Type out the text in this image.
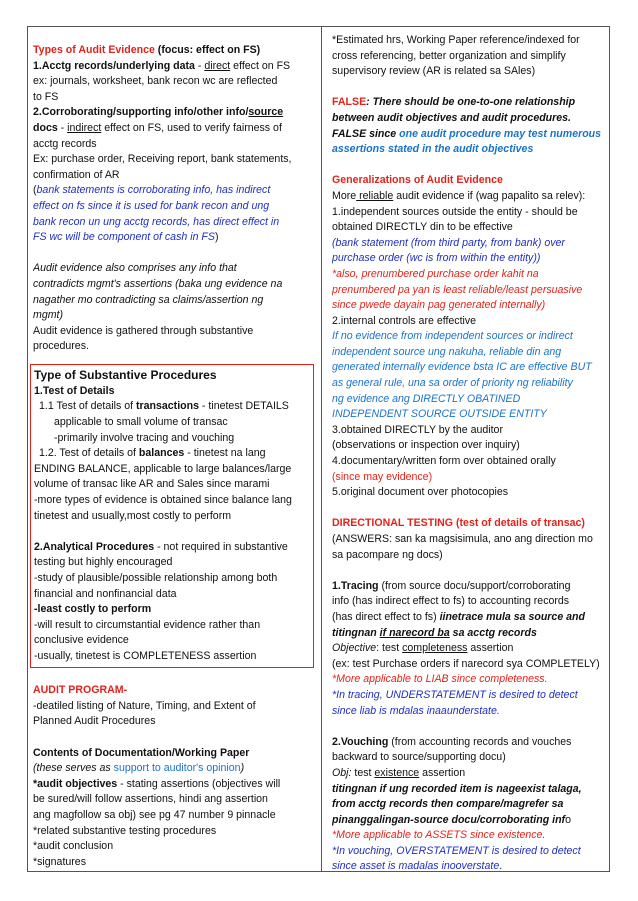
Types of Audit Evidence (focus: effect on FS)
1.Acctg records/underlying data - direct effect on FS
ex: journals, worksheet, bank recon wc are reflected
to FS
2.Corroborating/supporting info/other info/source
docs - indirect effect on FS, used to verify fairness of
acctg records
Ex: purchase order, Receiving report, bank statements,
confirmation of AR
(bank statements is corroborating info, has indirect
effect on fs since it is used for bank recon and ung
bank recon un ung acctg records, has direct effect in
FS wc will be component of cash in FS)
Audit evidence also comprises any info that
contradicts mgmt's assertions (baka ung evidence na
nagather mo contradicting sa claims/assertion ng
mgmt)
Audit evidence is gathered through substantive
procedures.
Type of Substantive Procedures
1.Test of Details
1.1 Test of details of transactions - tinetest DETAILS
applicable to small volume of transac
-primarily involve tracing and vouching
1.2. Test of details of balances - tinetest na lang
ENDING BALANCE, applicable to large balances/large
volume of transac like AR and Sales since marami
-more types of evidence is obtained since balance lang
tinetest and usually,most costly to perform
2.Analytical Procedures - not required in substantive
testing but highly encouraged
-study of plausible/possible relationship among both
financial and nonfinancial data
-least costly to perform
-will result to circumstantial evidence rather than
conclusive evidence
-usually, tinetest is COMPLETENESS assertion
AUDIT PROGRAM-
-deatiled listing of Nature, Timing, and Extent of
Planned Audit Procedures
Contents of Documentation/Working Paper
(these serves as support to auditor's opinion)
*audit objectives - stating assertions (objectives will
be sured/will follow assertions, hindi ang assertion
ang magfollow sa obj) see pg 47 number 9 pinnacle
*related substantive testing procedures
*audit conclusion
*signatures
*Estimated hrs, Working Paper reference/indexed for
cross referencing, better organization and simplify
supervisory review (AR is related sa SAles)
FALSE: There should be one-to-one relationship
between audit objectives and audit procedures.
FALSE since one audit procedure may test numerous
assertions stated in the audit objectives
Generalizations of Audit Evidence
More reliable audit evidence if (wag papalito sa relev):
1.independent sources outside the entity - should be
obtained DIRECTLY din to be effective
(bank statement (from third party, from bank) over
purchase order (wc is from within the entity))
*also, prenumbered purchase order kahit na
prenumbered pa yan is least reliable/least persuasive
since pwede dayain pag generated internally)
2.internal controls are effective
If no evidence from independent sources or indirect
independent source ung nakuha, reliable din ang
generated internally evidence bsta IC are effective BUT
as general rule, una sa order of priority ng reliability
ng evidence ang DIRECTLY OBATINED
INDEPENDENT SOURCE OUTSIDE ENTITY
3.obtained DIRECTLY by the auditor
(observations or inspection over inquiry)
4.documentary/written form over obtained orally
(since may evidence)
5.original document over photocopies
DIRECTIONAL TESTING (test of details of transac)
(ANSWERS: san ka magsisimula, ano ang direction mo
sa pacompare ng docs)
1.Tracing (from source docu/support/corroborating
info (has indirect effect to fs) to accounting records
(has direct effect to fs) iinetrace mula sa source and
titingnan if narecord ba sa acctg records
Objective: test completeness assertion
(ex: test Purchase orders if narecord sya COMPLETELY)
*More applicable to LIAB since completeness.
*In tracing, UNDERSTATEMENT is desired to detect
since liab is mdalas inaaunderstate.
2.Vouching (from accounting records and vouches
backward to source/supporting docu)
Obj: test existence assertion
titingnan if ung recorded item is nageexist talaga,
from acctg records then compare/magrefer sa
pinanggalingan-source docu/corroborating info
*More applicable to ASSETS since existence.
*In vouching, OVERSTATEMENT is desired to detect
since asset is madalas inooverstate.
